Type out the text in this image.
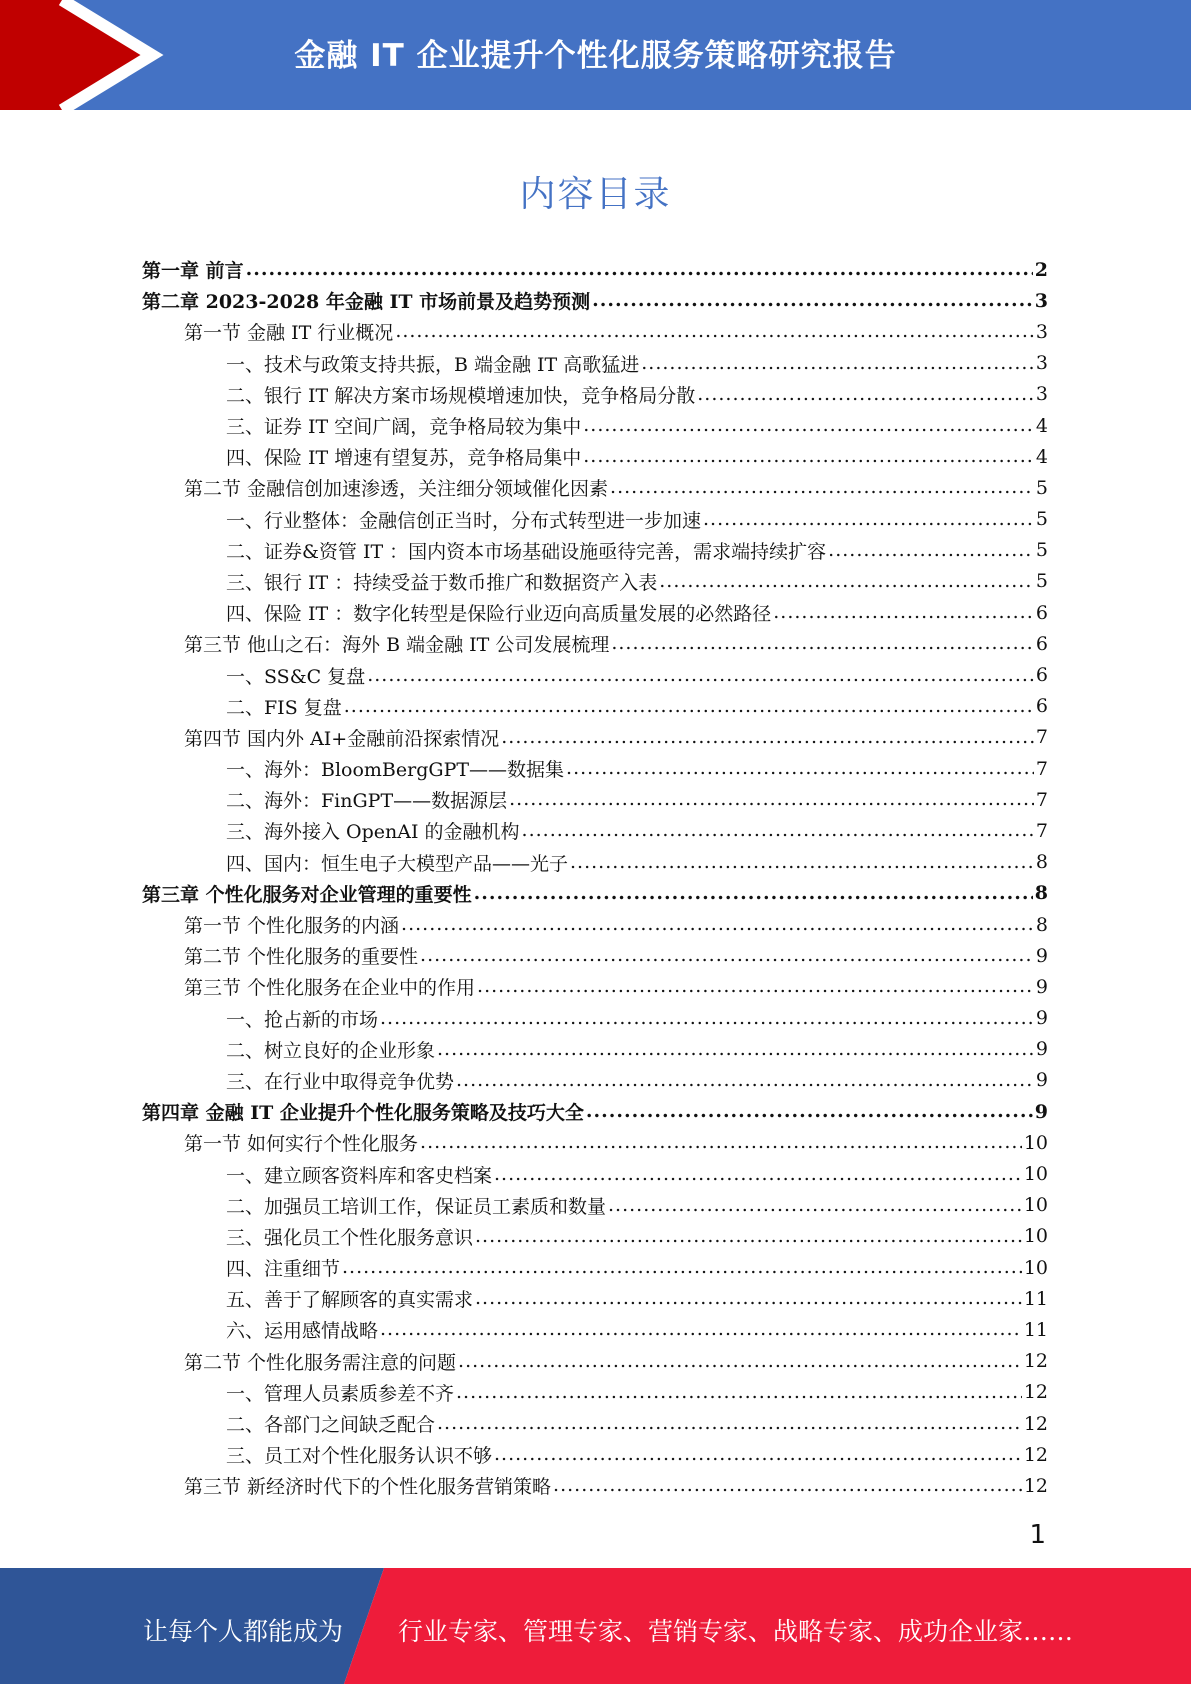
金融 IT 企业提升个性化服务策略研究报告
内容目录
第一章 前言 .....	2
第二章 2023-2028 年金融 IT 市场前景及趋势预测 .....	3
第一节 金融 IT 行业概况 .....	3
一、技术与政策支持共振，B 端金融 IT 高歌猛进 .....	3
二、银行 IT 解决方案市场规模增速加快，竞争格局分散 .....	3
三、证券 IT 空间广阔，竞争格局较为集中 .....	4
四、保险 IT 增速有望复苏，竞争格局集中 .....	4
第二节 金融信创加速渗透，关注细分领域催化因素 .....	5
一、行业整体：金融信创正当时，分布式转型进一步加速 .....	5
二、证券&资管 IT ：国内资本市场基础设施亟待完善，需求端持续扩容 .....	5
三、银行 IT ：持续受益于数币推广和数据资产入表 .....	5
四、保险 IT ：数字化转型是保险行业迈向高质量发展的必然路径 .....	6
第三节 他山之石：海外 B 端金融 IT 公司发展梳理 .....	6
一、SS&C 复盘 .....	6
二、FIS 复盘 .....	6
第四节 国内外 AI+金融前沿探索情况 .....	7
一、海外：BloomBergGPT——数据集 .....	7
二、海外：FinGPT——数据源层 .....	7
三、海外接入 OpenAI 的金融机构 .....	7
四、国内：恒生电子大模型产品——光子 .....	8
第三章 个性化服务对企业管理的重要性 .....	8
第一节 个性化服务的内涵 .....	8
第二节 个性化服务的重要性 .....	9
第三节 个性化服务在企业中的作用 .....	9
一、抢占新的市场 .....	9
二、树立良好的企业形象 .....	9
三、在行业中取得竞争优势 .....	9
第四章 金融 IT 企业提升个性化服务策略及技巧大全 .....	9
第一节 如何实行个性化服务 .....	10
一、建立顾客资料库和客史档案 .....	10
二、加强员工培训工作，保证员工素质和数量 .....	10
三、强化员工个性化服务意识 .....	10
四、注重细节 .....	10
五、善于了解顾客的真实需求 .....	11
六、运用感情战略 .....	11
第二节 个性化服务需注意的问题 .....	12
一、管理人员素质参差不齐 .....	12
二、各部门之间缺乏配合 .....	12
三、员工对个性化服务认识不够 .....	12
第三节 新经济时代下的个性化服务营销策略 .....	12
1
让每个人都能成为 行业专家、管理专家、营销专家、战略专家、成功企业家……
